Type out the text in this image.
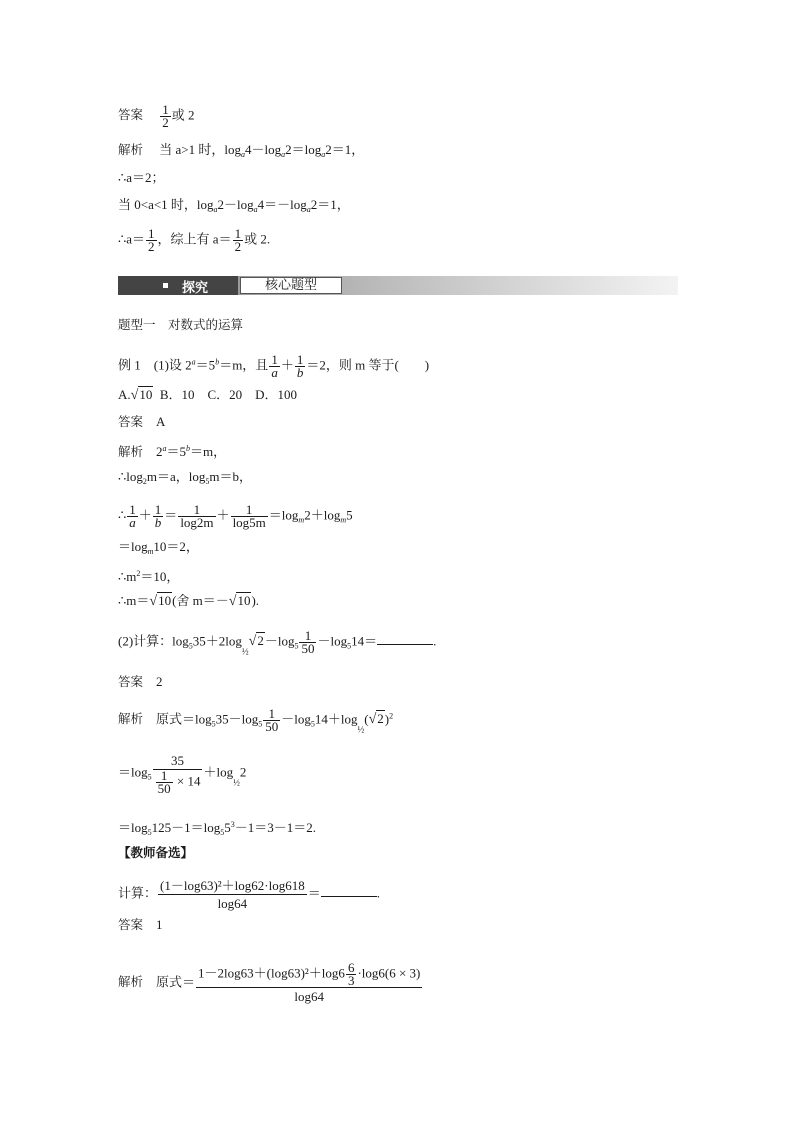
答案 $\frac{1}{2}$ 或 2
解析 当 a>1 时，$\log_a4-\log_a2=\log_a2=1$，
∴a＝2；
当 0<a<1 时，$\log_a2-\log_a4=-\log_a2=1$，
∴a＝ $\frac{1}{2}$ ，综上有 $a= \frac{1}{2}$ 或 2.
探究	核心题型
题型一　对数式的运算
例 1　(1)设 $2^a=5^b=m$，且 $\frac{1}{a} + \frac{1}{b} =2$，则 m 等于(　　)
A.√10 B．10　C．20　D．100
答案 A
解析 $2^a=5^b=m$，
$\therefore\log_2m=a$，$\log_5m=b$，
∴ $\frac{1}{a} + \frac{1}{b} = \frac{1}{\log 2m} + \frac{1}{\log 5m} =\log_m2+\log_m5$
$=\log_m10=2$，
$\therefore m^2=10$，
∴m＝√10(舍 m＝－√10).
(2)计算：$\log_535+2\log_{\frac{1}{2}}√2-\log_5 \frac{1}{50} -\log_514=$	.
答案 2
解析 原式$=\log_535-\log_5 \frac{1}{50} -\log_514+\log_{\frac{1}{2}}(√2)^2$
$=\log_5 \frac{35}{\frac{1}{50} \times 14} +\log_{\frac{1}{2}}2$
$=\log_5125-1=\log_55^3-1=3-1=2$.
【教师备选】
计算： $\frac{\text{(1－log63)²＋log62·log618}}{\log 64}$ ＝	.
答案 1
解析 原式＝ $\frac{1-2\log 63+(\log 63)^2+\log 6 \frac{6}{3} \cdot\log 6(6 \times 3)}{\log 64}$
